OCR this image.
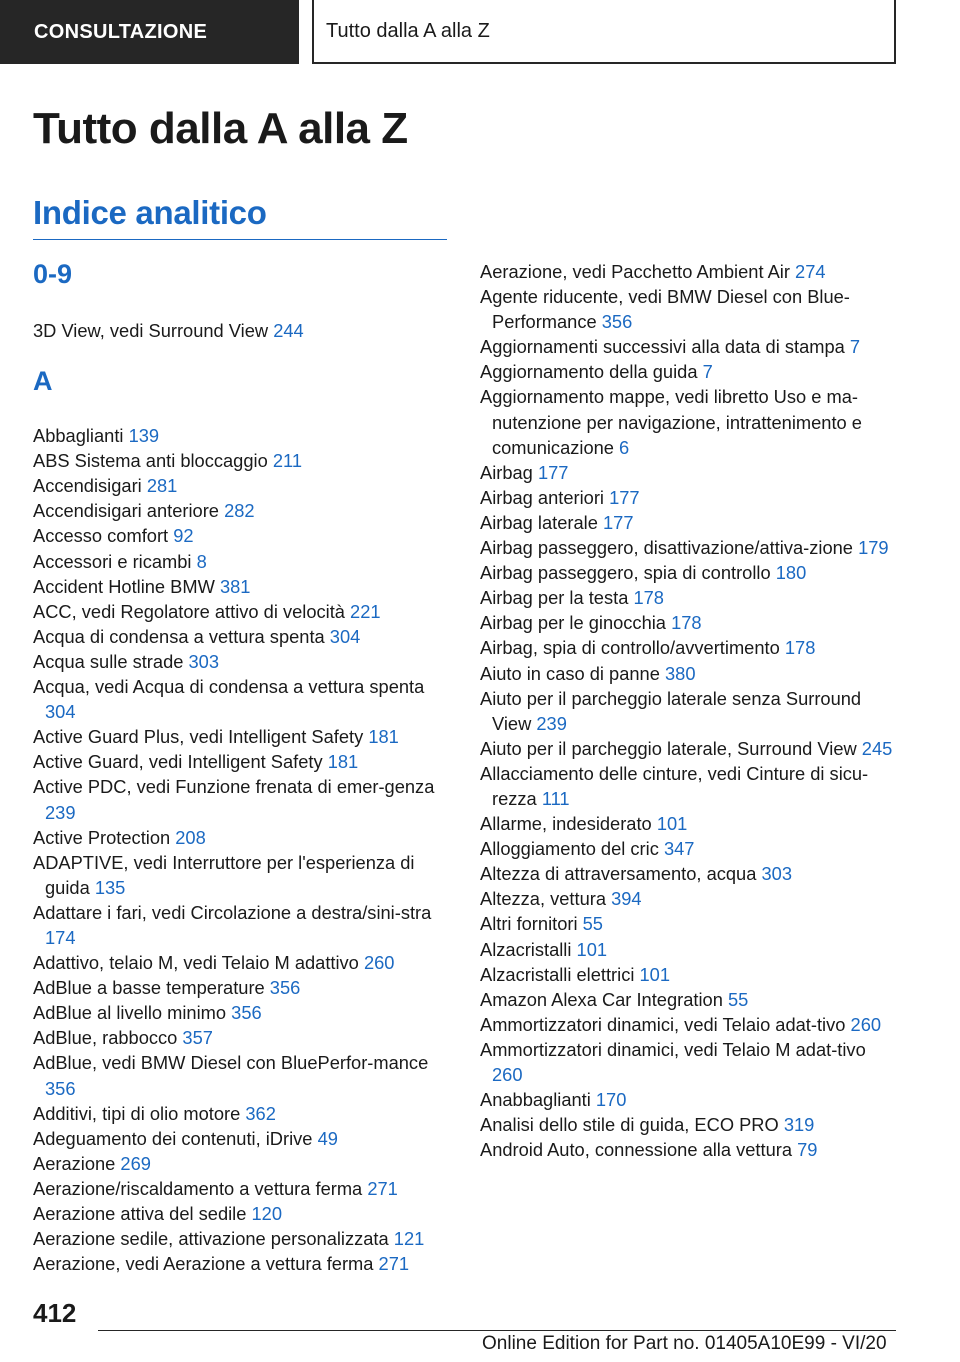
CONSULTAZIONE	Tutto dalla A alla Z
Tutto dalla A alla Z
Indice analitico
0-9
A

3D View, vedi Surround View 244

Abbaglianti 139

ABS Sistema anti bloccaggio 211

Accendisigari 281

Accendisigari anteriore 282

Accesso comfort 92

Accessori e ricambi 8

Accident Hotline BMW 381

ACC, vedi Regolatore attivo di velocità 221

Acqua di condensa a vettura spenta 304

Acqua sulle strade 303

Acqua, vedi Acqua di condensa a vettura spenta 304

Active Guard Plus, vedi Intelligent Safety 181

Active Guard, vedi Intelligent Safety 181

Active PDC, vedi Funzione frenata di emer-genza 239

Active Protection 208

ADAPTIVE, vedi Interruttore per l'esperienza di guida 135

Adattare i fari, vedi Circolazione a destra/sini-stra 174

Adattivo, telaio M, vedi Telaio M adattivo 260

AdBlue a basse temperature 356

AdBlue al livello minimo 356

AdBlue, rabbocco 357

AdBlue, vedi BMW Diesel con BluePerfor-mance 356

Additivi, tipi di olio motore 362

Adeguamento dei contenuti, iDrive 49

Aerazione 269

Aerazione/riscaldamento a vettura ferma 271

Aerazione attiva del sedile 120

Aerazione sedile, attivazione personalizzata 121

Aerazione, vedi Aerazione a vettura ferma 271

Aerazione, vedi Pacchetto Ambient Air 274

Agente riducente, vedi BMW Diesel con Blue-Performance 356

Aggiornamenti successivi alla data di stampa 7

Aggiornamento della guida 7

Aggiornamento mappe, vedi libretto Uso e ma-nutenzione per navigazione, intrattenimento e comunicazione 6

Airbag 177

Airbag anteriori 177

Airbag laterale 177

Airbag passeggero, disattivazione/attiva-zione 179

Airbag passeggero, spia di controllo 180

Airbag per la testa 178

Airbag per le ginocchia 178

Airbag, spia di controllo/avvertimento 178

Aiuto in caso di panne 380

Aiuto per il parcheggio laterale senza Surround View 239

Aiuto per il parcheggio laterale, Surround View 245

Allacciamento delle cinture, vedi Cinture di sicu-rezza 111

Allarme, indesiderato 101

Alloggiamento del cric 347

Altezza di attraversamento, acqua 303

Altezza, vettura 394

Altri fornitori 55

Alzacristalli 101

Alzacristalli elettrici 101

Amazon Alexa Car Integration 55

Ammortizzatori dinamici, vedi Telaio adat-tivo 260

Ammortizzatori dinamici, vedi Telaio M adat-tivo 260

Anabbaglianti 170

Analisi dello stile di guida, ECO PRO 319

Android Auto, connessione alla vettura 79

412
Online Edition for Part no. 01405A10E99 - VI/20
